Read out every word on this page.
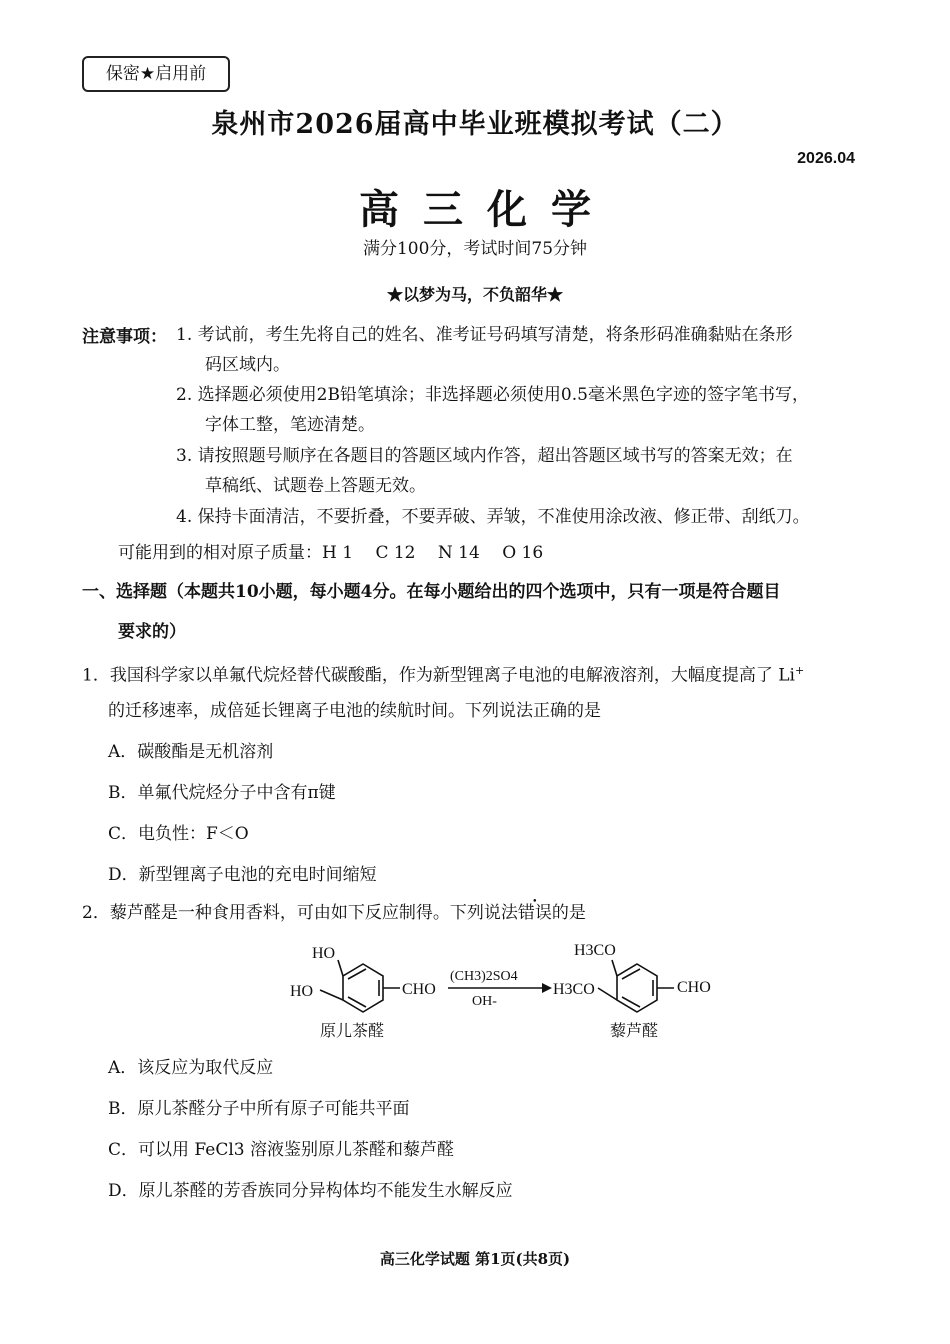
保密★启用前
泉州市2026届高中毕业班模拟考试（二）
2026.04
高三化学
满分100分，考试时间75分钟
★以梦为马，不负韶华★
注意事项： 1. 考试前，考生先将自己的姓名、准考证号码填写清楚，将条形码准确黏贴在条形
码区域内。
2. 选择题必须使用2B铅笔填涂；非选择题必须使用0.5毫米黑色字迹的签字笔书写，
字体工整，笔迹清楚。
3. 请按照题号顺序在各题目的答题区域内作答，超出答题区域书写的答案无效；在
草稿纸、试题卷上答题无效。
4. 保持卡面清洁，不要折叠，不要弄破、弄皱，不准使用涂改液、修正带、刮纸刀。
可能用到的相对原子质量：H 1　 C 12　 N 14　 O 16
一、选择题（本题共10小题，每小题4分。在每小题给出的四个选项中，只有一项是符合题目
要求的）
1．我国科学家以单氟代烷烃替代碳酸酯，作为新型锂离子电池的电解液溶剂，大幅度提高了 Li+
的迁移速率，成倍延长锂离子电池的续航时间。下列说法正确的是
A．碳酸酯是无机溶剂
B．单氟代烷烃分子中含有π键
C．电负性：F＜O
D．新型锂离子电池的充电时间缩短
2．藜芦醛是一种食用香料，可由如下反应制得。下列说法错误的是
HO
HO	CHO
(CH3)2SO4
OH-
H3CO
H3CO	CHO
原儿茶醛	藜芦醛
A．该反应为取代反应
B．原儿茶醛分子中所有原子可能共平面
C．可以用 FeCl3 溶液鉴别原儿茶醛和藜芦醛
D．原儿茶醛的芳香族同分异构体均不能发生水解反应
高三化学试题 第1页(共8页)
